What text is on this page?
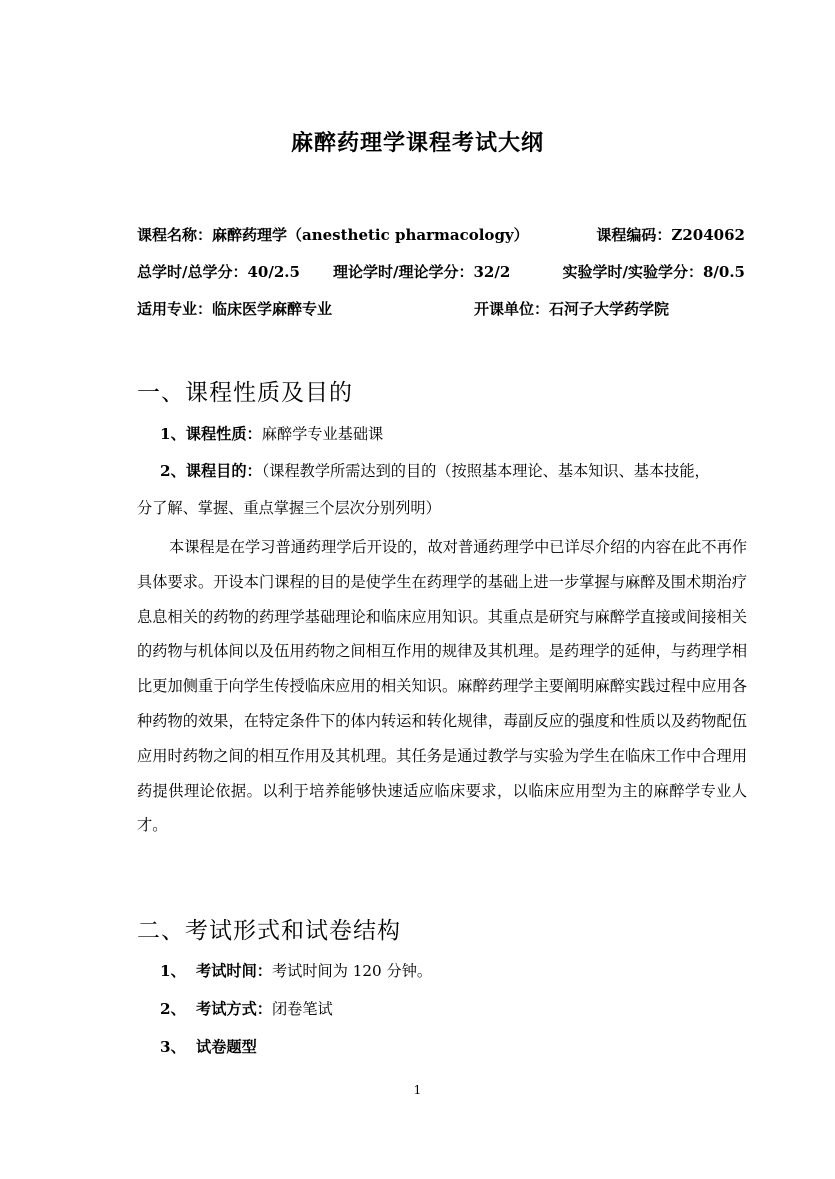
麻醉药理学课程考试大纲
课程名称：麻醉药理学（anesthetic pharmacology）	课程编码：Z204062
总学时/总学分：40/2.5 理论学时/理论学分：32/2	实验学时/实验学分：8/0.5
适用专业：临床医学麻醉专业	开课单位：石河子大学药学院
一、课程性质及目的
1、课程性质：麻醉学专业基础课
2、课程目的：（课程教学所需达到的目的（按照基本理论、基本知识、基本技能，
分了解、掌握、重点掌握三个层次分别列明）

本课程是在学习普通药理学后开设的，故对普通药理学中已详尽介绍的内容在此不再作具体要求。开设本门课程的目的是使学生在药理学的基础上进一步掌握与麻醉及围术期治疗息息相关的药物的药理学基础理论和临床应用知识。其重点是研究与麻醉学直接或间接相关的药物与机体间以及伍用药物之间相互作用的规律及其机理。是药理学的延伸，与药理学相比更加侧重于向学生传授临床应用的相关知识。麻醉药理学主要阐明麻醉实践过程中应用各种药物的效果，在特定条件下的体内转运和转化规律，毒副反应的强度和性质以及药物配伍应用时药物之间的相互作用及其机理。其任务是通过教学与实验为学生在临床工作中合理用药提供理论依据。以利于培养能够快速适应临床要求，以临床应用型为主的麻醉学专业人才。

二、考试形式和试卷结构
1、 考试时间：考试时间为 120 分钟。
2、 考试方式：闭卷笔试
3、 试卷题型
1
